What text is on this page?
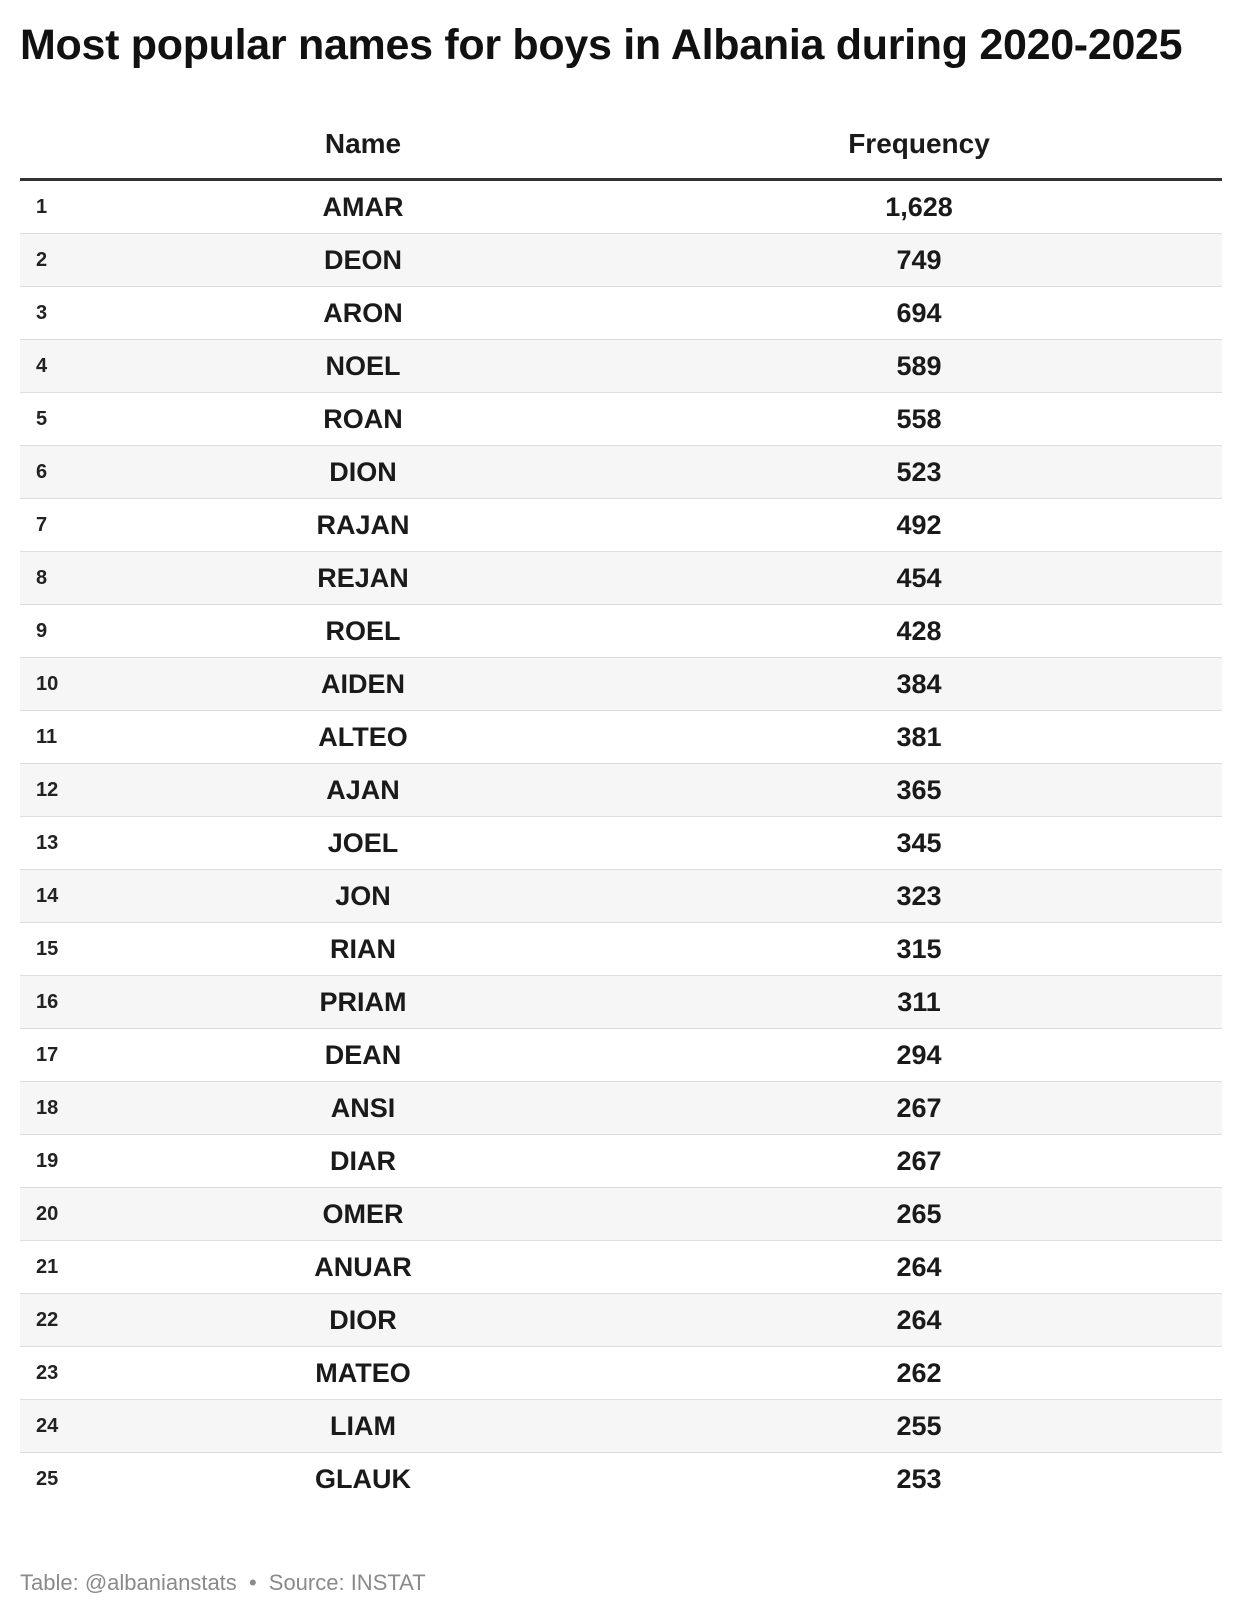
Most popular names for boys in Albania during 2020-2025
Name	Frequency
1	AMAR	1,628
2	DEON	749
3	ARON	694
4	NOEL	589
5	ROAN	558
6	DION	523
7	RAJAN	492
8	REJAN	454
9	ROEL	428
10	AIDEN	384
11	ALTEO	381
12	AJAN	365
13	JOEL	345
14	JON	323
15	RIAN	315
16	PRIAM	311
17	DEAN	294
18	ANSI	267
19	DIAR	267
20	OMER	265
21	ANUAR	264
22	DIOR	264
23	MATEO	262
24	LIAM	255
25	GLAUK	253
Table: @albanianstats • Source: INSTAT
